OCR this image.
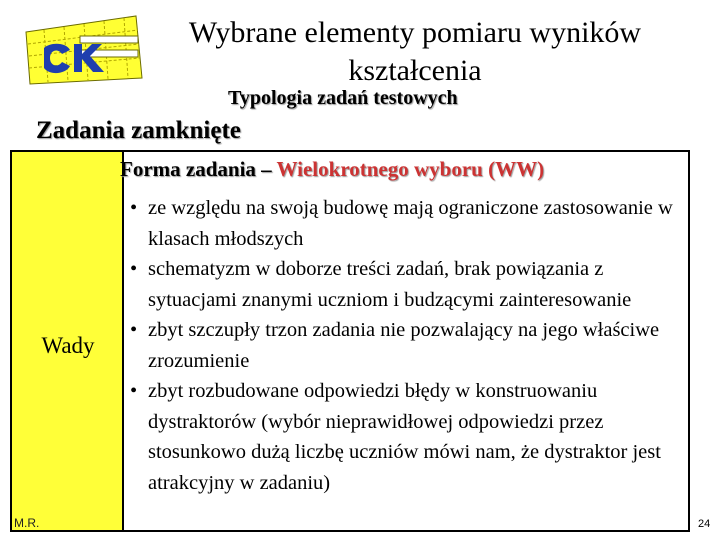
Wybrane elementy pomiaru wyników kształcenia
Typologia zadań testowych
Zadania zamknięte
Wady
M.R.
Forma zadania – Wielokrotnego wyboru (WW)
• ze względu na swoją budowę mają ograniczone zastosowanie w klasach młodszych
• schematyzm w doborze treści zadań, brak powiązania z sytuacjami znanymi uczniom i budzącymi zainteresowanie
• zbyt szczupły trzon zadania nie pozwalający na jego właściwe zrozumienie
• zbyt rozbudowane odpowiedzi błędy w konstruowaniu dystraktorów (wybór nieprawidłowej odpowiedzi przez stosunkowo dużą liczbę uczniów mówi nam, że dystraktor jest atrakcyjny w zadaniu)
24
